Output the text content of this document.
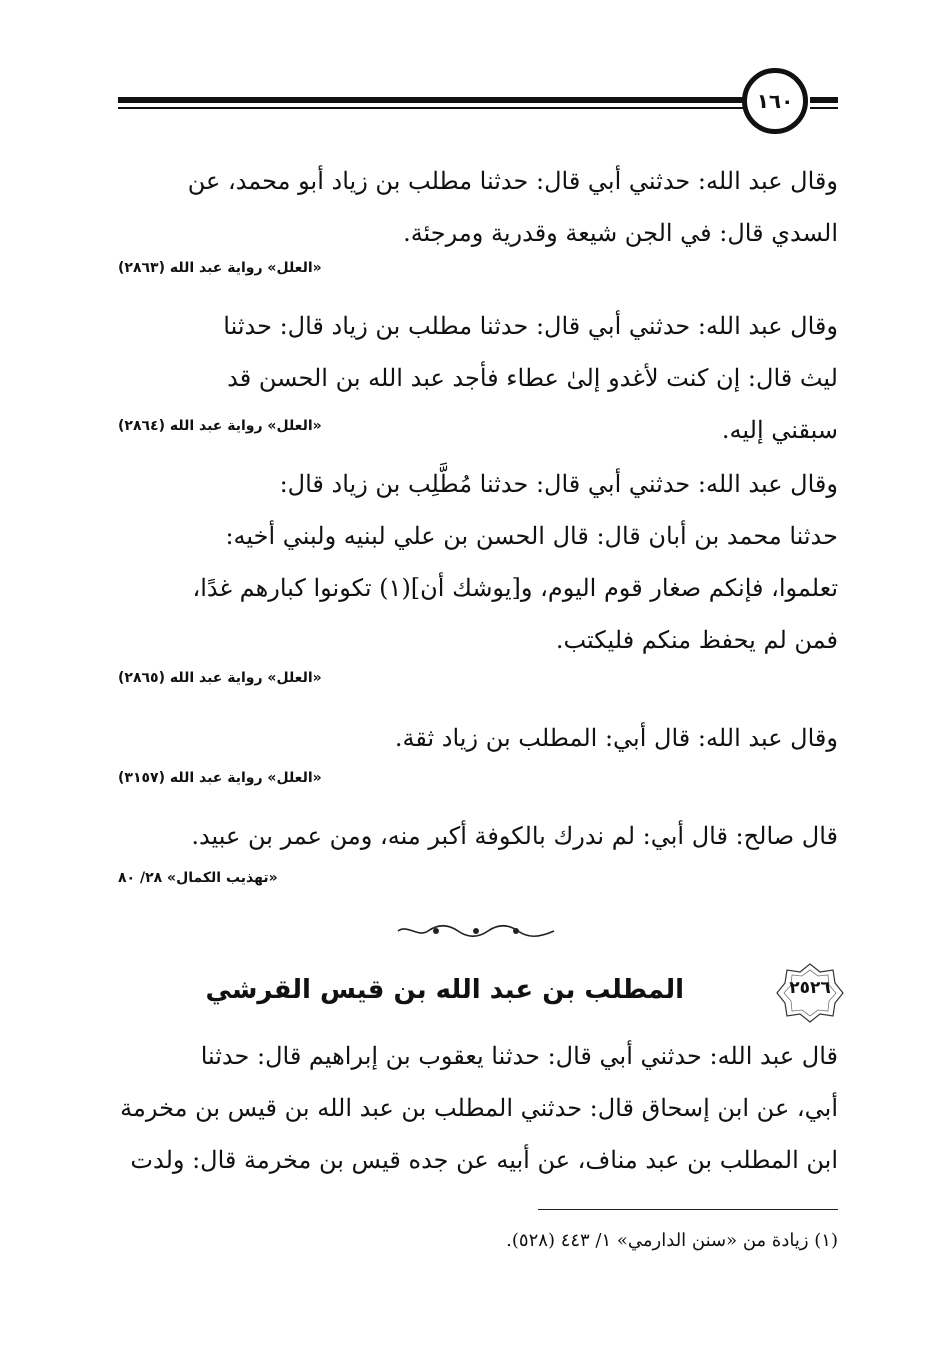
١٦٠
وقال عبد الله: حدثني أبي قال: حدثنا مطلب بن زياد أبو محمد، عن
السدي قال: في الجن شيعة وقدرية ومرجئة.
«العلل» رواية عبد الله (٢٨٦٣)
وقال عبد الله: حدثني أبي قال: حدثنا مطلب بن زياد قال: حدثنا
ليث قال: إن كنت لأغدو إلىٰ عطاء فأجد عبد الله بن الحسن قد
سبقني إليه.
«العلل» رواية عبد الله (٢٨٦٤)
وقال عبد الله: حدثني أبي قال: حدثنا مُطَّلِب بن زياد قال:
حدثنا محمد بن أبان قال: قال الحسن بن علي لبنيه ولبني أخيه:
تعلموا، فإنكم صغار قوم اليوم، و[يوشك أن](١) تكونوا كبارهم غدًا،
فمن لم يحفظ منكم فليكتب.
«العلل» رواية عبد الله (٢٨٦٥)
وقال عبد الله: قال أبي: المطلب بن زياد ثقة.
«العلل» رواية عبد الله (٣١٥٧)
قال صالح: قال أبي: لم ندرك بالكوفة أكبر منه، ومن عمر بن عبيد.
«تهذيب الكمال» ٢٨/ ٨٠
٢٥٢٦
المطلب بن عبد الله بن قيس القرشي
قال عبد الله: حدثني أبي قال: حدثنا يعقوب بن إبراهيم قال: حدثنا
أبي، عن ابن إسحاق قال: حدثني المطلب بن عبد الله بن قيس بن مخرمة
ابن المطلب بن عبد مناف، عن أبيه عن جده قيس بن مخرمة قال: ولدت
(١) زيادة من «سنن الدارمي» ١/ ٤٤٣ (٥٢٨).
